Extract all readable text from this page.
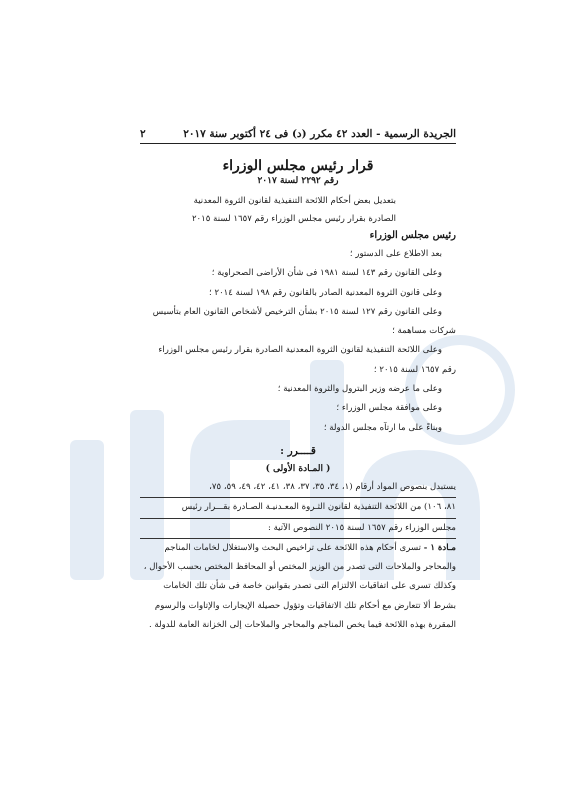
الجريدة الرسمية - العدد ٤٢ مكرر (د) فى ٢٤ أكتوبر سنة ٢٠١٧
٢
قرار رئيس مجلس الوزراء
رقم ٢٢٩٢ لسنة ٢٠١٧
بتعديل بعض أحكام اللائحة التنفيذية لقانون الثروة المعدنية
الصادرة بقرار رئيس مجلس الوزراء رقم ١٦٥٧ لسنة ٢٠١٥
رئيس مجلس الوزراء

بعد الاطلاع على الدستور ؛

وعلى القانون رقم ١٤٣ لسنة ١٩٨١ فى شأن الأراضى الصحراوية ؛

وعلى قانون الثروة المعدنية الصادر بالقانون رقم ١٩٨ لسنة ٢٠١٤ ؛

وعلى القانون رقم ١٢٧ لسنة ٢٠١٥ بشأن الترخيص لأشخاص القانون العام بتأسيس

شركات مساهمة ؛

وعلى اللائحة التنفيذية لقانون الثروة المعدنية الصادرة بقرار رئيس مجلس الوزراء

رقم ١٦٥٧ لسنة ٢٠١٥ ؛

وعلى ما عرضه وزير البترول والثروة المعدنية ؛

وعلى موافقة مجلس الوزراء ؛

وبناءً على ما ارتآه مجلس الدولة ؛

قــــرر :
( المـادة الأولى )

يستبدل بنصوص المواد أرقام (١، ٣٤، ٣٥، ٣٧، ٣٨، ٤١، ٤٢، ٤٩، ٥٩، ٧٥،

٨١، ١٠٦) من اللائحة التنفيذية لقانون الثـروة المعـدنيـة الصـادرة بقـــرار رئيس

مجلس الوزراء رقم ١٦٥٧ لسنة ٢٠١٥ النصوص الآتية :

مـادة ١ - تسرى أحكام هذه اللائحة على تراخيص البحث والاستغلال لخامات المناجم

والمحاجر والملاحات التى تصدر من الوزير المختص أو المحافظ المختص بحسب الأحوال ،

وكذلك تسرى على اتفاقيات الالتزام التى تصدر بقوانين خاصة فى شأن تلك الخامات

بشرط ألا تتعارض مع أحكام تلك الاتفاقيات وتؤول حصيلة الإيجارات والإتاوات والرسوم

المقررة بهذه اللائحة فيما يخص المناجم والمحاجر والملاحات إلى الخزانة العامة للدولة .
